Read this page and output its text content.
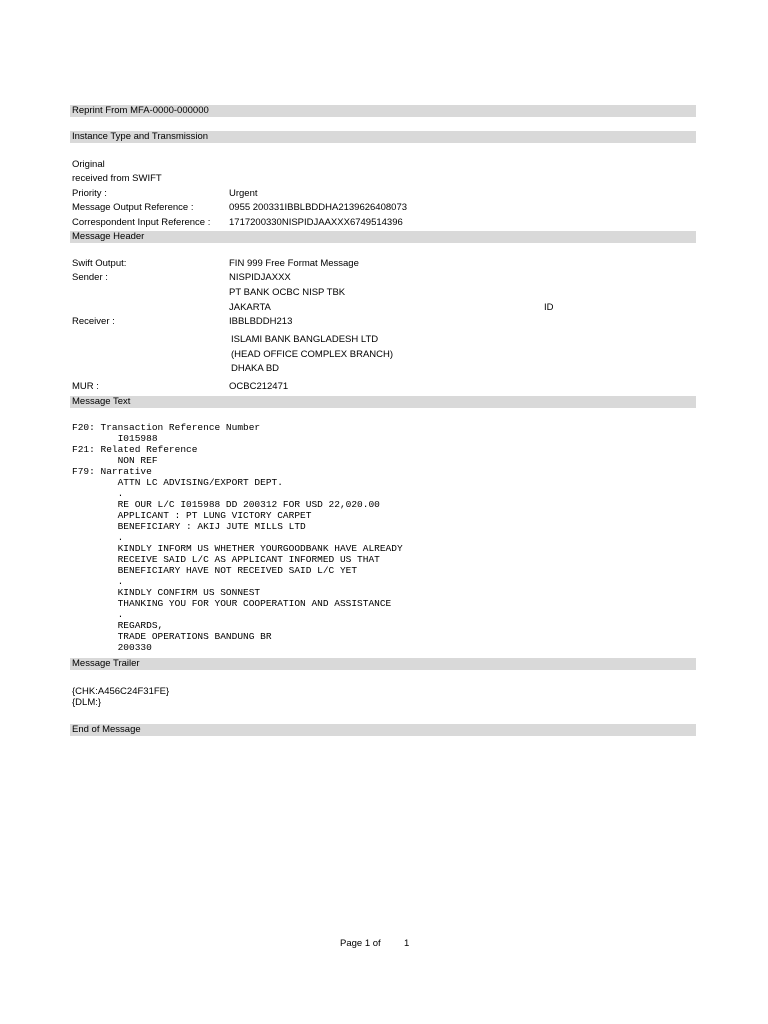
Reprint From MFA-0000-000000
Instance Type and Transmission
Original
received from SWIFT
Priority :	Urgent
Message Output Reference :	0955 200331IBBLBDDHA2139626408073
Correspondent Input Reference : 1717200330NISPIDJAAXXX6749514396
Message Header
Swift Output:	FIN 999 Free Format Message
Sender :	NISPIDJAXXX
PT BANK OCBC NISP TBK
JAKARTA	ID
Receiver :	IBBLBDDH213
ISLAMI BANK BANGLADESH LTD
(HEAD OFFICE COMPLEX BRANCH)
DHAKA BD
MUR :	OCBC212471
Message Text
F20: Transaction Reference Number
I015988
F21: Related Reference
NON REF
F79: Narrative
ATTN LC ADVISING/EXPORT DEPT.
.
RE OUR L/C I015988 DD 200312 FOR USD 22,020.00
APPLICANT : PT LUNG VICTORY CARPET
BENEFICIARY : AKIJ JUTE MILLS LTD
.
KINDLY INFORM US WHETHER YOURGOODBANK HAVE ALREADY
RECEIVE SAID L/C AS APPLICANT INFORMED US THAT
BENEFICIARY HAVE NOT RECEIVED SAID L/C YET
.
KINDLY CONFIRM US SONNEST
THANKING YOU FOR YOUR COOPERATION AND ASSISTANCE
.
REGARDS,
TRADE OPERATIONS BANDUNG BR
200330
Message Trailer
{CHK:A456C24F31FE}
{DLM:}
End of Message
Page 1 of 1
